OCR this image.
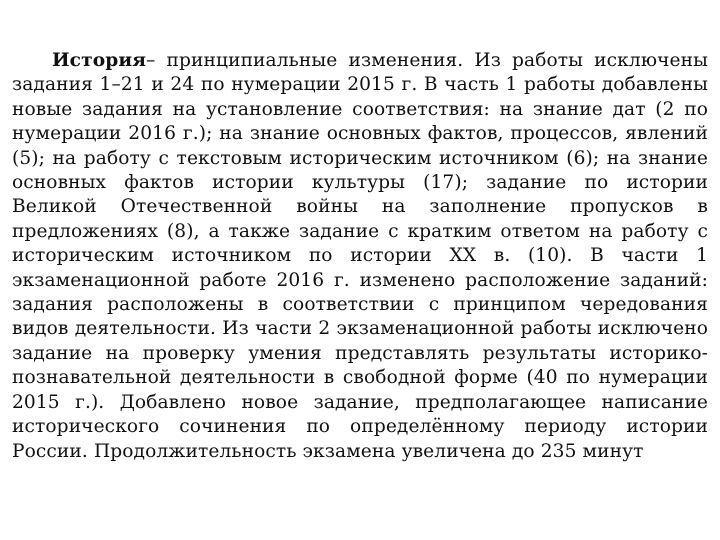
История– принципиальные изменения. Из работы исключены задания 1–21 и 24 по нумерации 2015 г. В часть 1 работы добавлены новые задания на установление соответствия: на знание дат (2 по нумерации 2016 г.); на знание основных фактов, процессов, явлений (5); на работу с текстовым историческим источником (6); на знание основных фактов истории культуры (17); задание по истории Великой Отечественной войны на заполнение пропусков в предложениях (8), а также задание с кратким ответом на работу с историческим источником по истории XX в. (10). В части 1 экзаменационной работе 2016 г. изменено расположение заданий: задания расположены в соответствии с принципом чередования видов деятельности. Из части 2 экзаменационной работы исключено задание на проверку умения представлять результаты историко-познавательной деятельности в свободной форме (40 по нумерации 2015 г.). Добавлено новое задание, предполагающее написание исторического сочинения по определённому периоду истории России. Продолжительность экзамена увеличена до 235 минут
